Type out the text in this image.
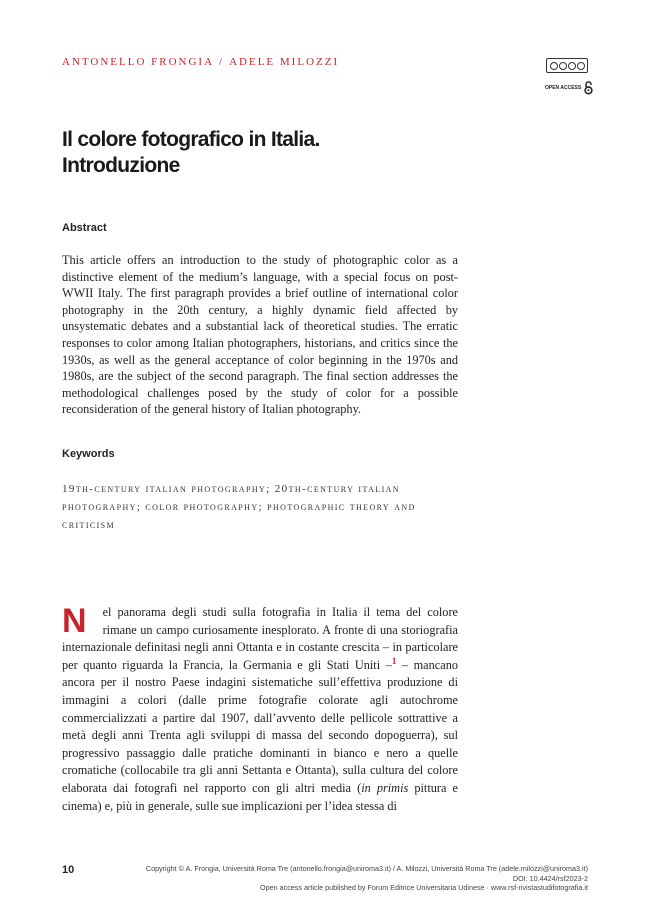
ANTONELLO FRONGIA / ADELE MILOZZI
OPEN ACCESS
Il colore fotografico in Italia.
Introduzione
Abstract

This article offers an introduction to the study of photographic color as a distinctive element of the medium’s language, with a special focus on post-WWII Italy. The first paragraph provides a brief outline of international color photography in the 20th century, a highly dynamic field affected by unsystematic debates and a substantial lack of theoretical studies. The erratic responses to color among Italian photographers, historians, and critics since the 1930s, as well as the general acceptance of color beginning in the 1970s and 1980s, are the subject of the second paragraph. The final section addresses the methodological challenges posed by the study of color for a possible reconsideration of the general history of Italian photography.

Keywords

19th-century italian photography; 20th-century italian photography; color photography; photographic theory and criticism

N el panorama degli studi sulla fotografia in Italia il tema del colore rimane un campo curiosamente inesplorato. A fronte di una storiografia internazionale definitasi negli anni Ottanta e in costante crescita – in particolare per quanto riguarda la Francia, la Germania e gli Stati Uniti –$^1$ – mancano ancora per il nostro Paese indagini sistematiche sull’effettiva produzione di immagini a colori (dalle prime fotografie colorate agli autochrome commercializzati a partire dal 1907, dall’avvento delle pellicole sottrattive a metà degli anni Trenta agli sviluppi di massa del secondo dopoguerra), sul progressivo passaggio dalle pratiche dominanti in bianco e nero a quelle cromatiche (collocabile tra gli anni Settanta e Ottanta), sulla cultura del colore elaborata dai fotografi nel rapporto con gli altri media (in primis pittura e cinema) e, più in generale, sulle sue implicazioni per l’idea stessa di

10	Copyright © A. Frongia, Università Roma Tre (antonello.frongia@uniroma3.it) / A. Milozzi, Università Roma Tre (adele.milozzi@uniroma3.it)
DOI: 10.4424/rsf2023-2
Open access article published by Forum Editrice Universitaria Udinese · www.rsf-rivistastudifotografia.it
